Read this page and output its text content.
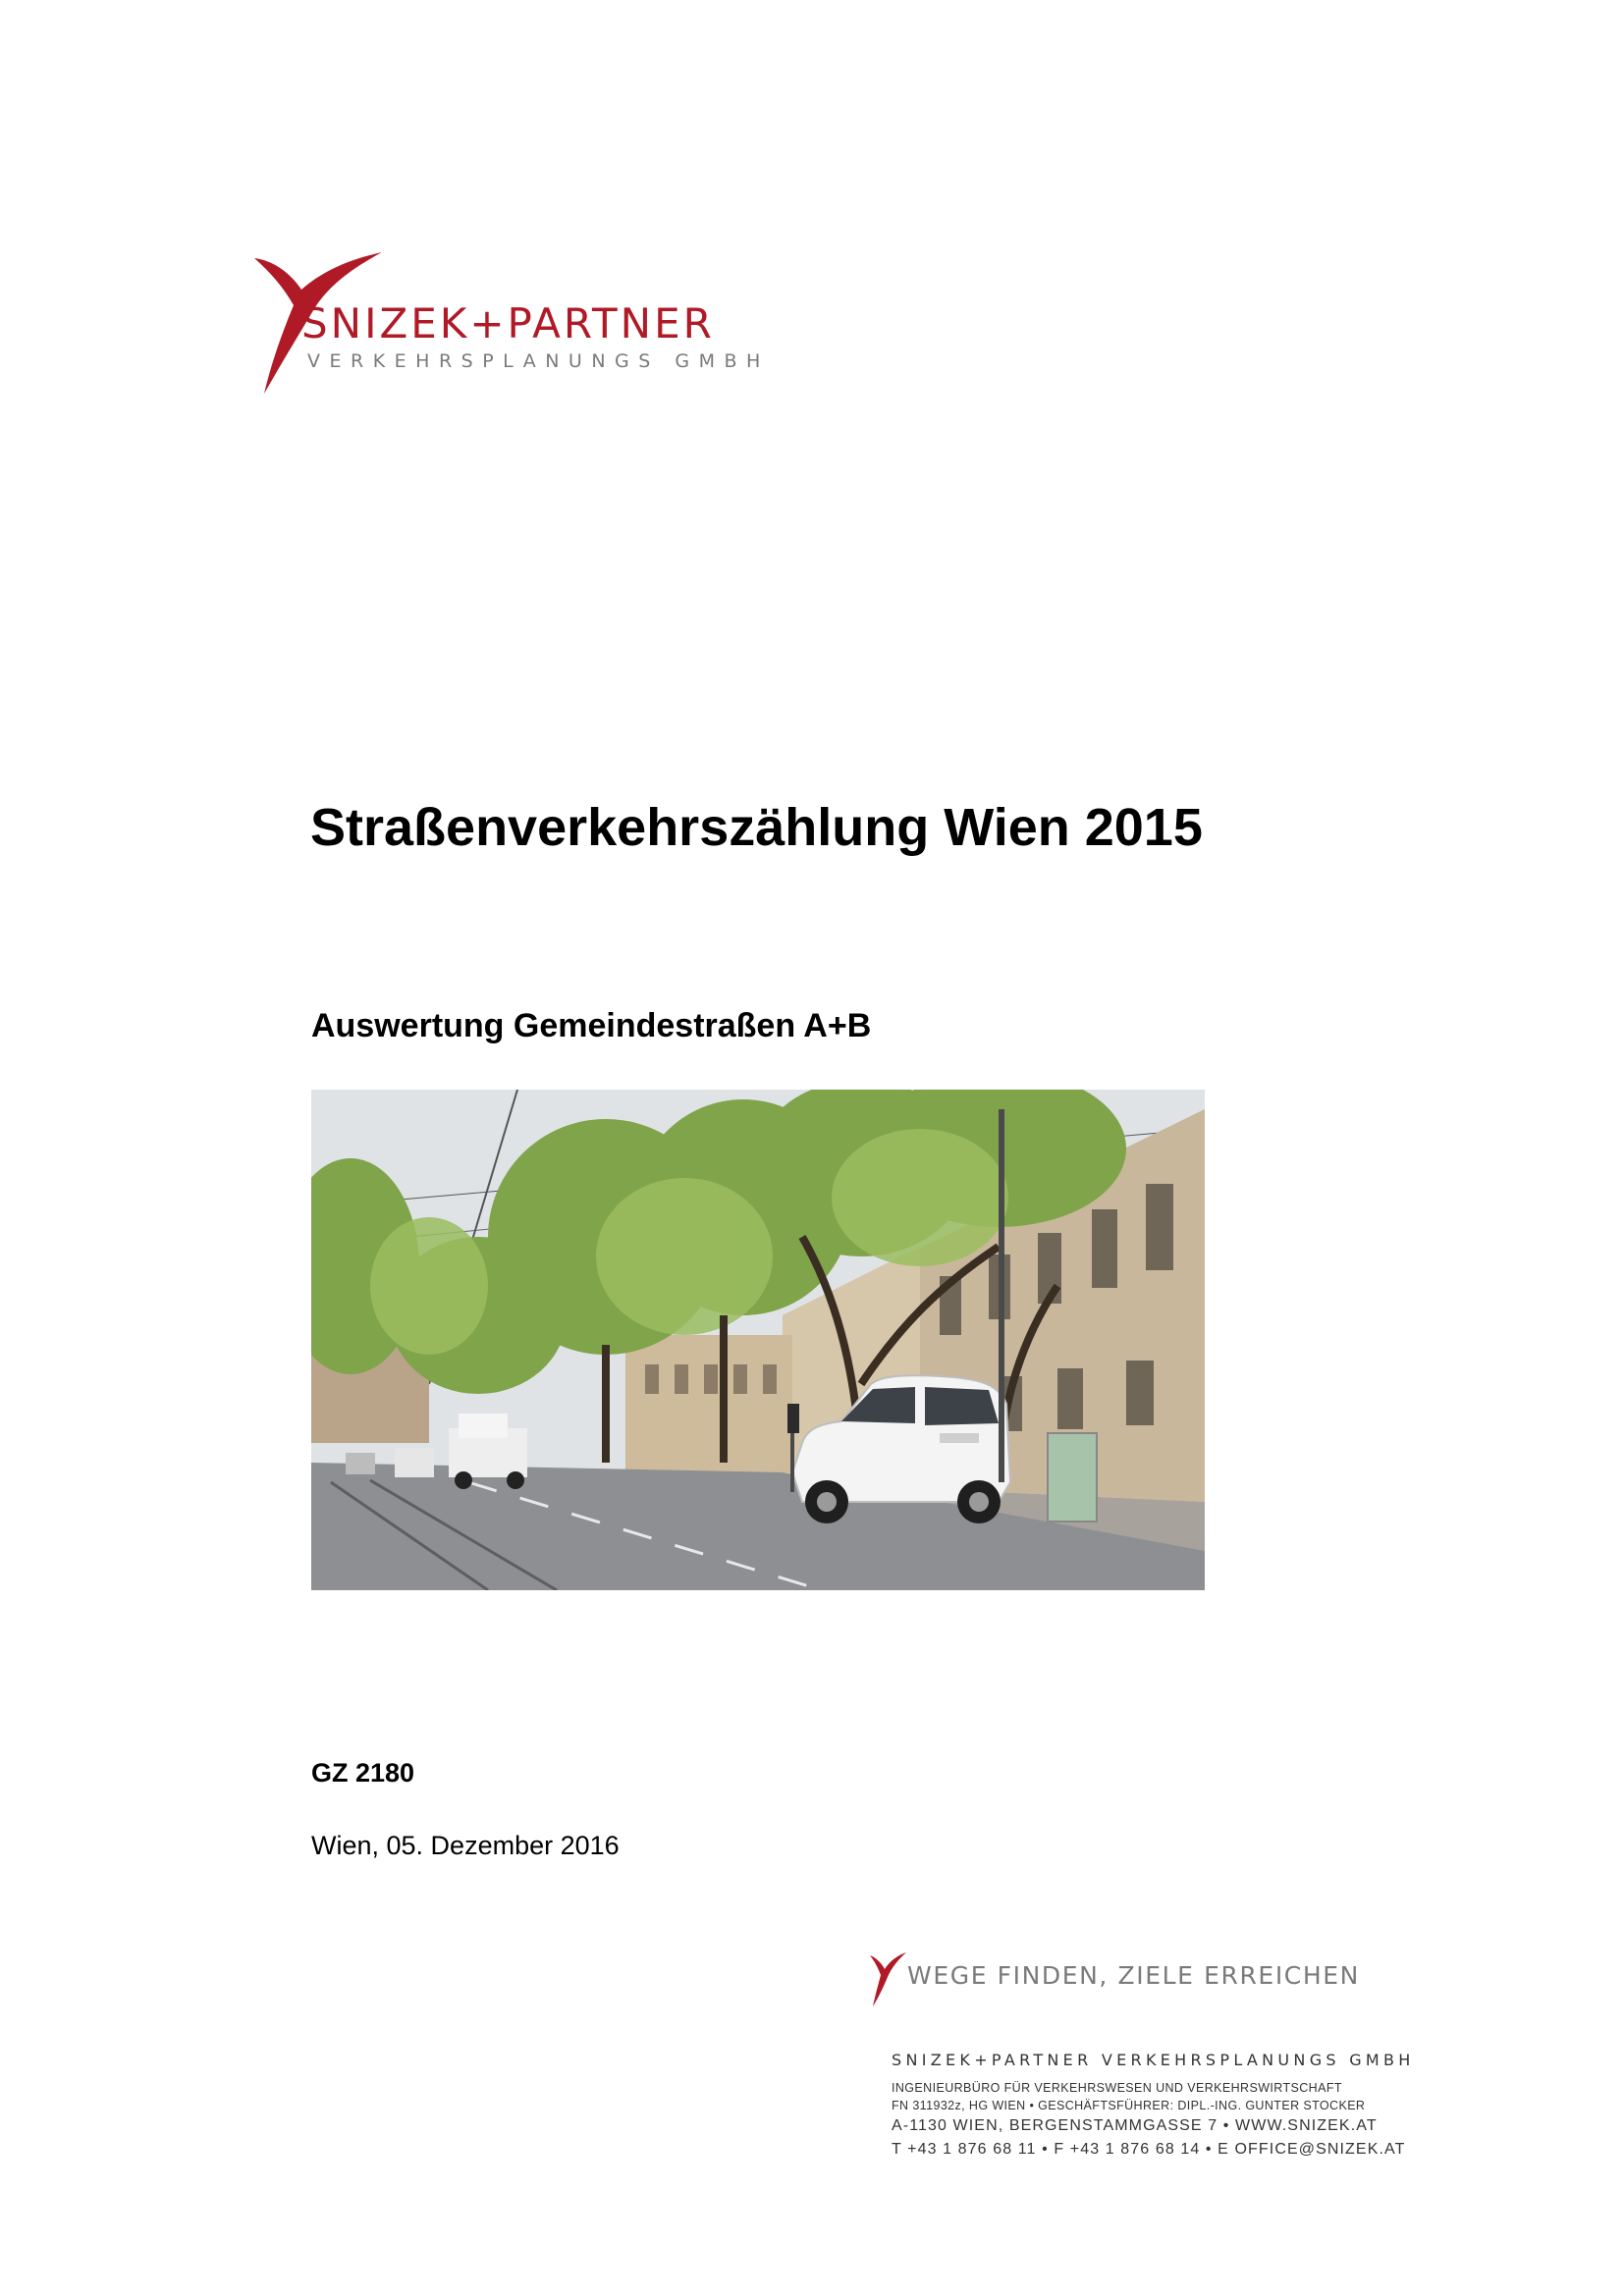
SNIZEK+PARTNER
VERKEHRSPLANUNGS GMBH
Straßenverkehrszählung Wien 2015
Auswertung Gemeindestraßen A+B
GZ 2180
Wien, 05. Dezember 2016
WEGE FINDEN, ZIELE ERREICHEN
SNIZEK+PARTNER VERKEHRSPLANUNGS GMBH
INGENIEURBÜRO FÜR VERKEHRSWESEN UND VERKEHRSWIRTSCHAFT
FN 311932z, HG WIEN • GESCHÄFTSFÜHRER: DIPL.-ING. GUNTER STOCKER
A-1130 WIEN, BERGENSTAMMGASSE 7 • WWW.SNIZEK.AT
T +43 1 876 68 11 • F +43 1 876 68 14 • E OFFICE@SNIZEK.AT
